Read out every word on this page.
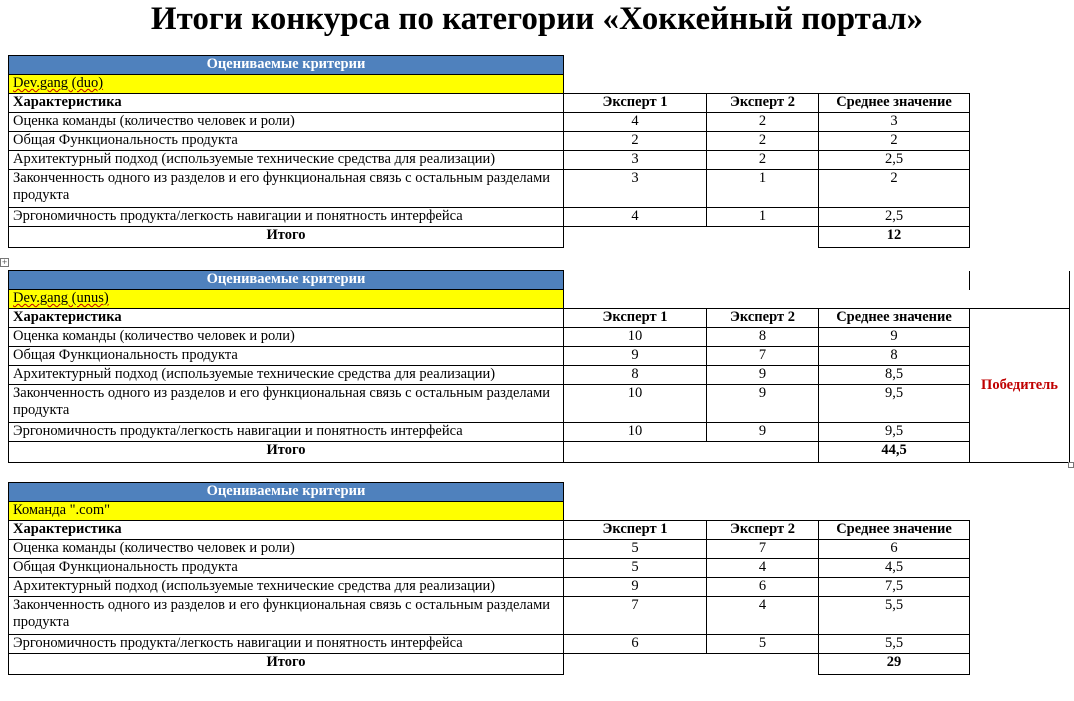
Итоги конкурса по категории «Хоккейный портал»
+
Оцениваемые критерии			
Dev.gang (duo)			
Характеристика	Эксперт 1	Эксперт 2	Среднее значение
Оценка команды (количество человек и роли)	4	2	3
Общая Функциональность продукта	2	2	2
Архитектурный подход (используемые технические средства для реализации)	3	2	2,5
Законченность одного из разделов и его функциональная связь с остальным разделами продукта	3	1	2
Эргономичность продукта/легкость навигации и понятность интерфейса	4	1	2,5
Итого			12
Оцениваемые критерии				
Dev.gang (unus)				
Характеристика	Эксперт 1	Эксперт 2	Среднее значение	Победитель
Оценка команды (количество человек и роли)	10	8	9	
Общая Функциональность продукта	9	7	8	
Архитектурный подход (используемые технические средства для реализации)	8	9	8,5	
Законченность одного из разделов и его функциональная связь с остальным разделами продукта	10	9	9,5	
Эргономичность продукта/легкость навигации и понятность интерфейса	10	9	9,5	
Итого			44,5	
Оцениваемые критерии			
Команда ".com"			
Характеристика	Эксперт 1	Эксперт 2	Среднее значение
Оценка команды (количество человек и роли)	5	7	6
Общая Функциональность продукта	5	4	4,5
Архитектурный подход (используемые технические средства для реализации)	9	6	7,5
Законченность одного из разделов и его функциональная связь с остальным разделами продукта	7	4	5,5
Эргономичность продукта/легкость навигации и понятность интерфейса	6	5	5,5
Итого			29
